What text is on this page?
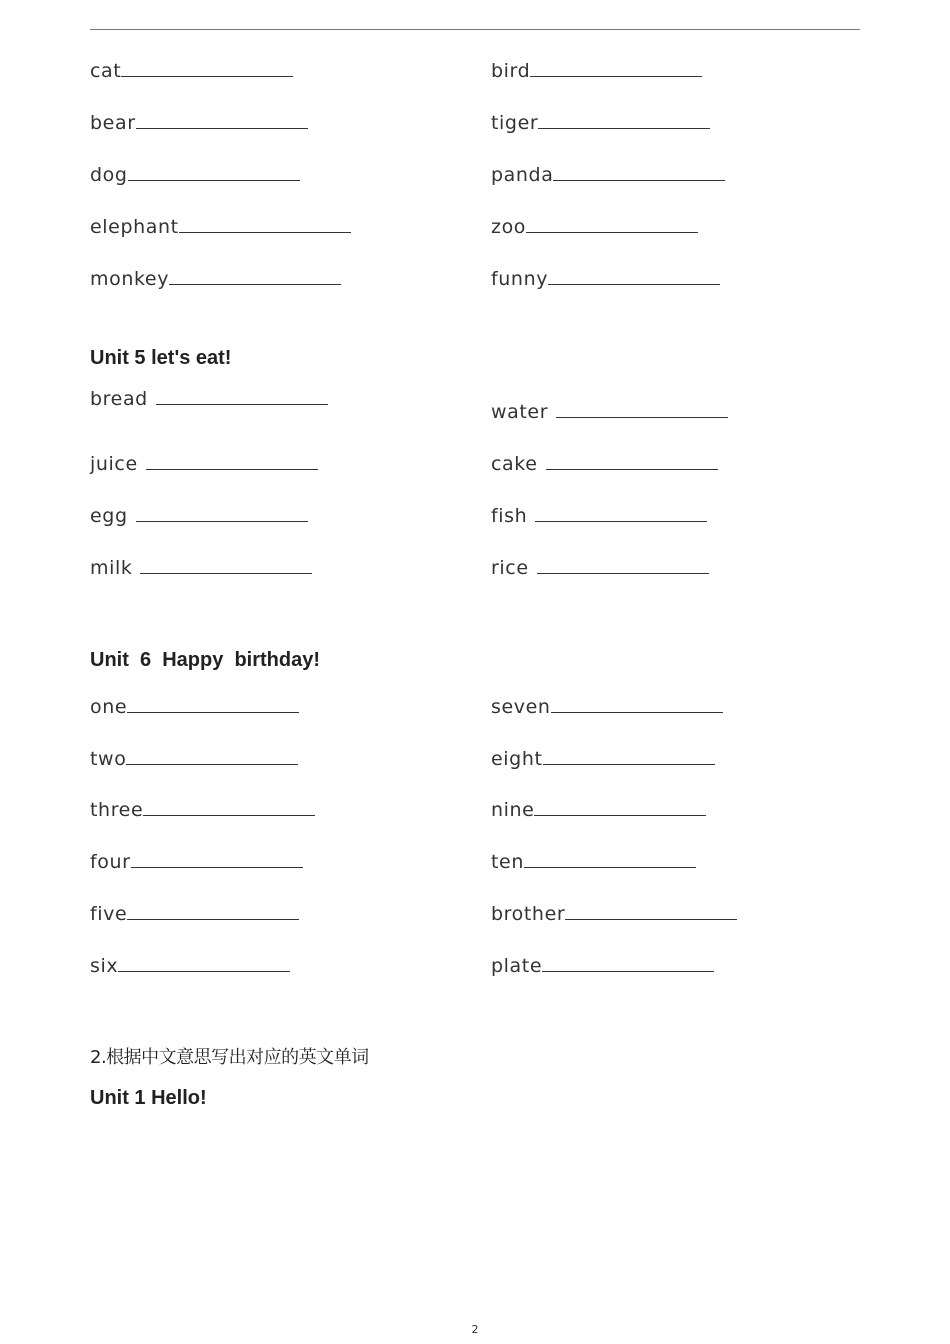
cat
bear
dog
elephant
monkey
bird
tiger
panda
zoo
funny
Unit 5 let's eat!
bread
juice
egg
milk
water
cake
fish
rice
Unit  6  Happy  birthday!
one
two
three
four
five
six
seven
eight
nine
ten
brother
plate
2.根据中文意思写出对应的英文单词
Unit 1 Hello!
2
